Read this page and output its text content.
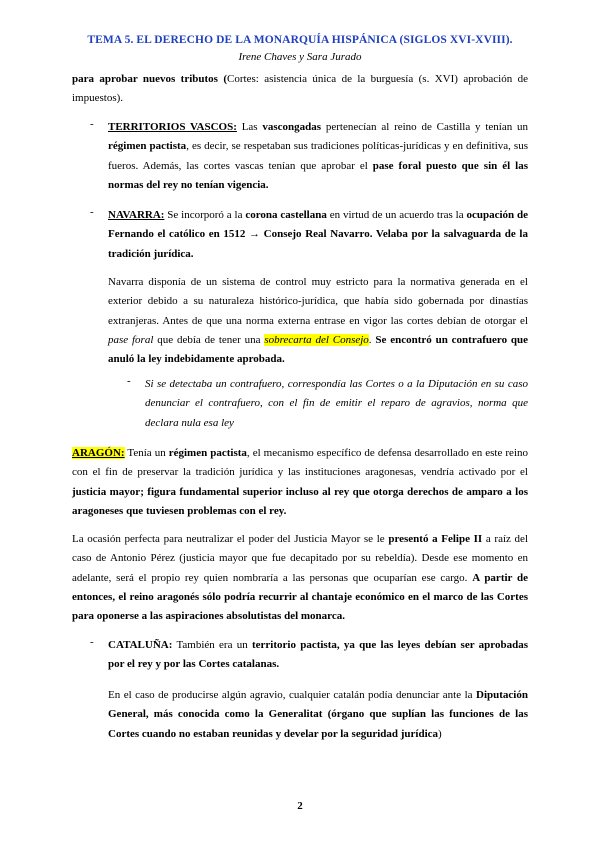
TEMA 5. EL DERECHO DE LA MONARQUÍA HISPÁNICA (SIGLOS XVI-XVIII).
Irene Chaves y Sara Jurado

para aprobar nuevos tributos (Cortes: asistencia única de la burguesía (s. XVI) aprobación de impuestos).

- TERRITORIOS VASCOS: Las vascongadas pertenecían al reino de Castilla y tenían un régimen pactista, es decir, se respetaban sus tradiciones políticas-jurídicas y en definitiva, sus fueros. Además, las cortes vascas tenían que aprobar el pase foral puesto que sin él las normas del rey no tenían vigencia.

- NAVARRA: Se incorporó a la corona castellana en virtud de un acuerdo tras la ocupación de Fernando el católico en 1512 → Consejo Real Navarro. Velaba por la salvaguarda de la tradición jurídica.

Navarra disponía de un sistema de control muy estricto para la normativa generada en el exterior debido a su naturaleza histórico-jurídica, que había sido gobernada por dinastías extranjeras. Antes de que una norma externa entrase en vigor las cortes debían de otorgar el pase foral que debía de tener una sobrecarta del Consejo. Se encontró un contrafuero que anuló la ley indebidamente aprobada.

- Si se detectaba un contrafuero, correspondía las Cortes o a la Diputación en su caso denunciar el contrafuero, con el fin de emitir el reparo de agravios, norma que declara nula esa ley

ARAGÓN: Tenía un régimen pactista, el mecanismo específico de defensa desarrollado en este reino con el fin de preservar la tradición jurídica y las instituciones aragonesas, vendría activado por el justicia mayor; figura fundamental superior incluso al rey que otorga derechos de amparo a los aragoneses que tuviesen problemas con el rey.

La ocasión perfecta para neutralizar el poder del Justicia Mayor se le presentó a Felipe II a raíz del caso de Antonio Pérez (justicia mayor que fue decapitado por su rebeldía). Desde ese momento en adelante, será el propio rey quien nombraría a las personas que ocuparían ese cargo. A partir de entonces, el reino aragonés sólo podría recurrir al chantaje económico en el marco de las Cortes para oponerse a las aspiraciones absolutistas del monarca.

- CATALUÑA: También era un territorio pactista, ya que las leyes debían ser aprobadas por el rey y por las Cortes catalanas.

En el caso de producirse algún agravio, cualquier catalán podía denunciar ante la Diputación General, más conocida como la Generalitat (órgano que suplían las funciones de las Cortes cuando no estaban reunidas y develar por la seguridad jurídica)

2
